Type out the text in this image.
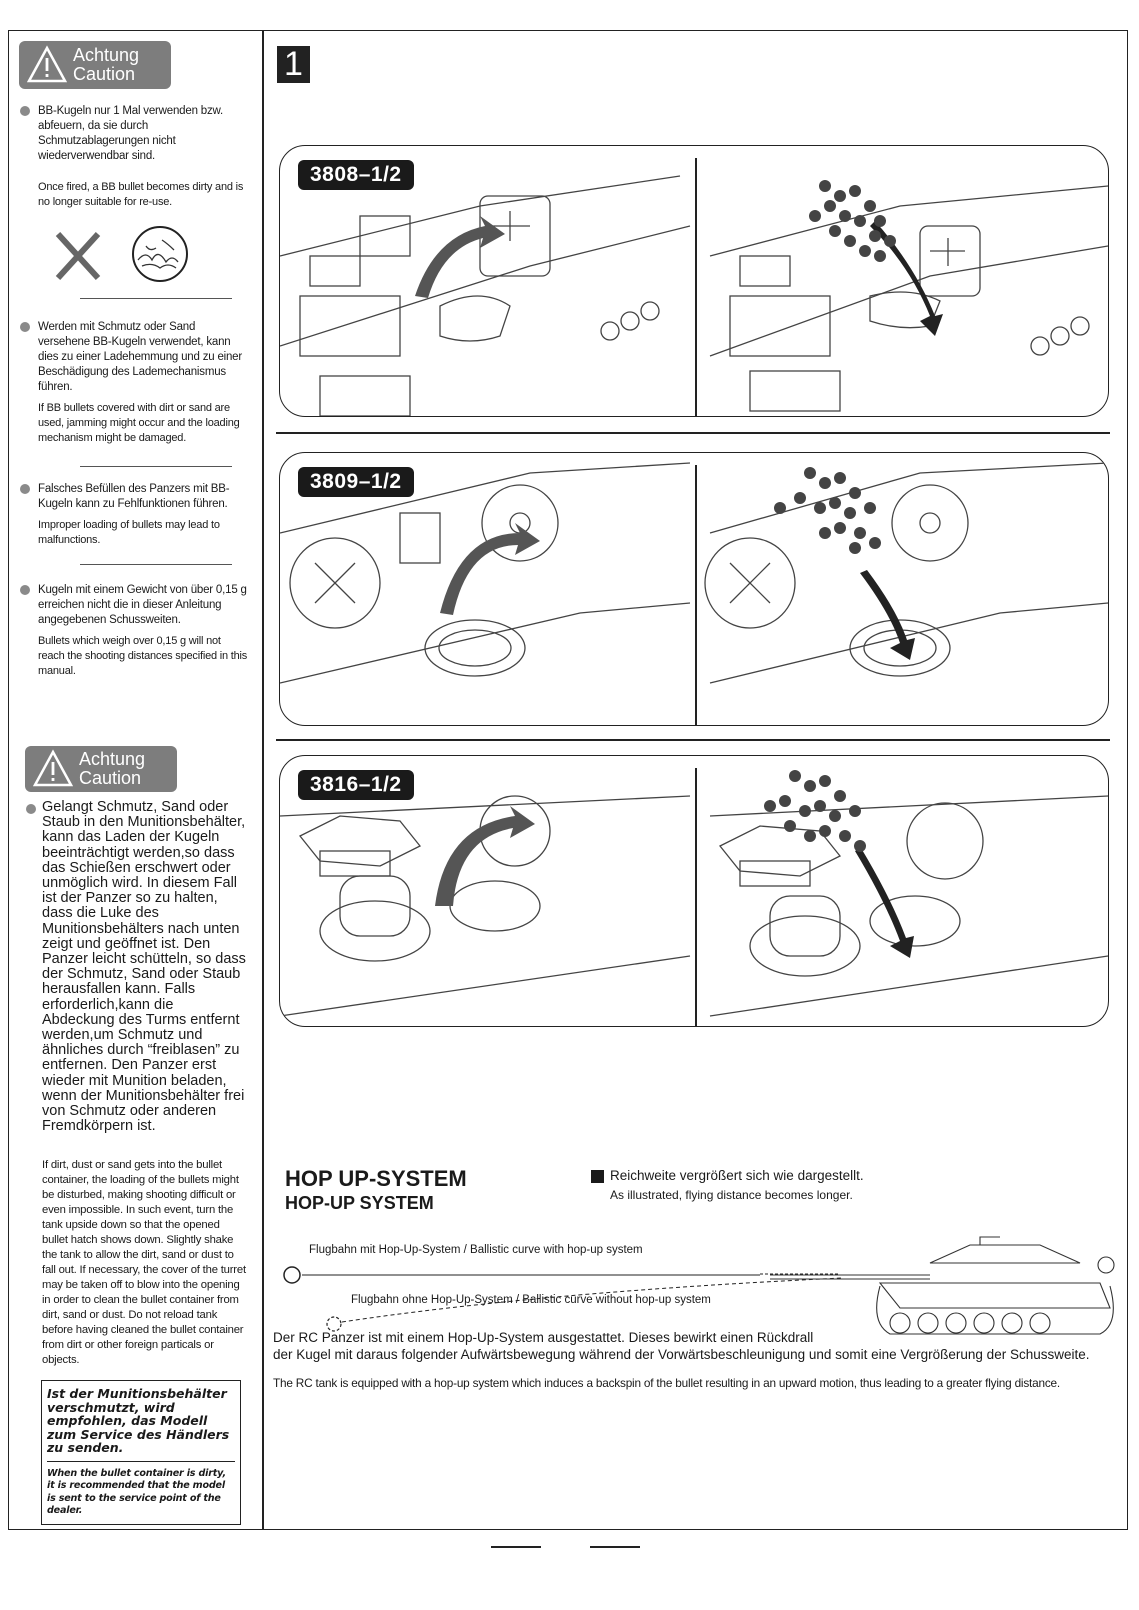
Achtung
Caution
BB-Kugeln nur 1 Mal verwenden bzw. abfeuern, da sie durch Schmutzablagerungen nicht wiederverwendbar sind.
Once fired, a BB bullet becomes dirty and is no longer suitable for re-use.
Werden mit Schmutz oder Sand versehene BB-Kugeln verwendet, kann dies zu einer Ladehemmung und zu einer Beschädigung des Lademechanismus führen.
If BB bullets covered with dirt or sand are used, jamming might occur and the loading mechanism might be damaged.
Falsches Befüllen des Panzers mit BB-Kugeln kann zu Fehlfunktionen führen.
Improper loading of bullets may lead to malfunctions.
Kugeln mit einem Gewicht von über 0,15 g erreichen nicht die in dieser Anleitung angegebenen Schussweiten.
Bullets which weigh over 0,15 g will not reach the shooting distances specified in this manual.
Achtung
Caution
Gelangt Schmutz, Sand oder Staub in den Munitionsbehälter, kann das Laden der Kugeln beeinträchtigt werden,so dass das Schießen erschwert oder unmöglich wird. In diesem Fall ist der Panzer so zu halten, dass die Luke des Munitionsbehälters nach unten zeigt und geöffnet ist. Den Panzer leicht schütteln, so dass der Schmutz, Sand oder Staub herausfallen kann. Falls erforderlich,kann die Abdeckung des Turms entfernt werden,um Schmutz und ähnliches durch “freiblasen” zu entfernen. Den Panzer erst wieder mit Munition beladen, wenn der Munitionsbehälter frei von Schmutz oder anderen Fremdkörpern ist.
If dirt, dust or sand gets into the bullet container, the loading of the bullets might be disturbed, making shooting difficult or even impossible. In such event, turn the tank upside down so that the opened bullet hatch shows down. Slightly shake the tank to allow the dirt, sand or dust to fall out. If necessary, the cover of the turret may be taken off to blow into the opening in order to clean the bullet container from dirt, sand or dust. Do not reload tank before having cleaned the bullet container from dirt or other foreign particals or objects.
Ist der Munitionsbehälter verschmutzt, wird empfohlen, das Modell zum Service des Händlers zu senden.
When the bullet container is dirty, it is recommended that the model is sent to the service point of the dealer.
1
3808–1/2
3809–1/2
3816–1/2
HOP UP-SYSTEM
HOP-UP SYSTEM
Reichweite vergrößert sich wie dargestellt.
As illustrated, flying distance becomes longer.
Flugbahn mit Hop-Up-System / Ballistic curve with hop-up system
Flugbahn ohne Hop-Up-System / Ballistic curve without hop-up system
Der RC Panzer ist mit einem Hop-Up-System ausgestattet. Dieses bewirkt einen Rückdrall
der Kugel mit daraus folgender Aufwärtsbewegung während der Vorwärtsbeschleunigung und somit eine Vergrößerung der Schussweite.
The RC tank is equipped with a hop-up system which induces a backspin of the bullet resulting in an upward motion, thus leading to a greater flying distance.
